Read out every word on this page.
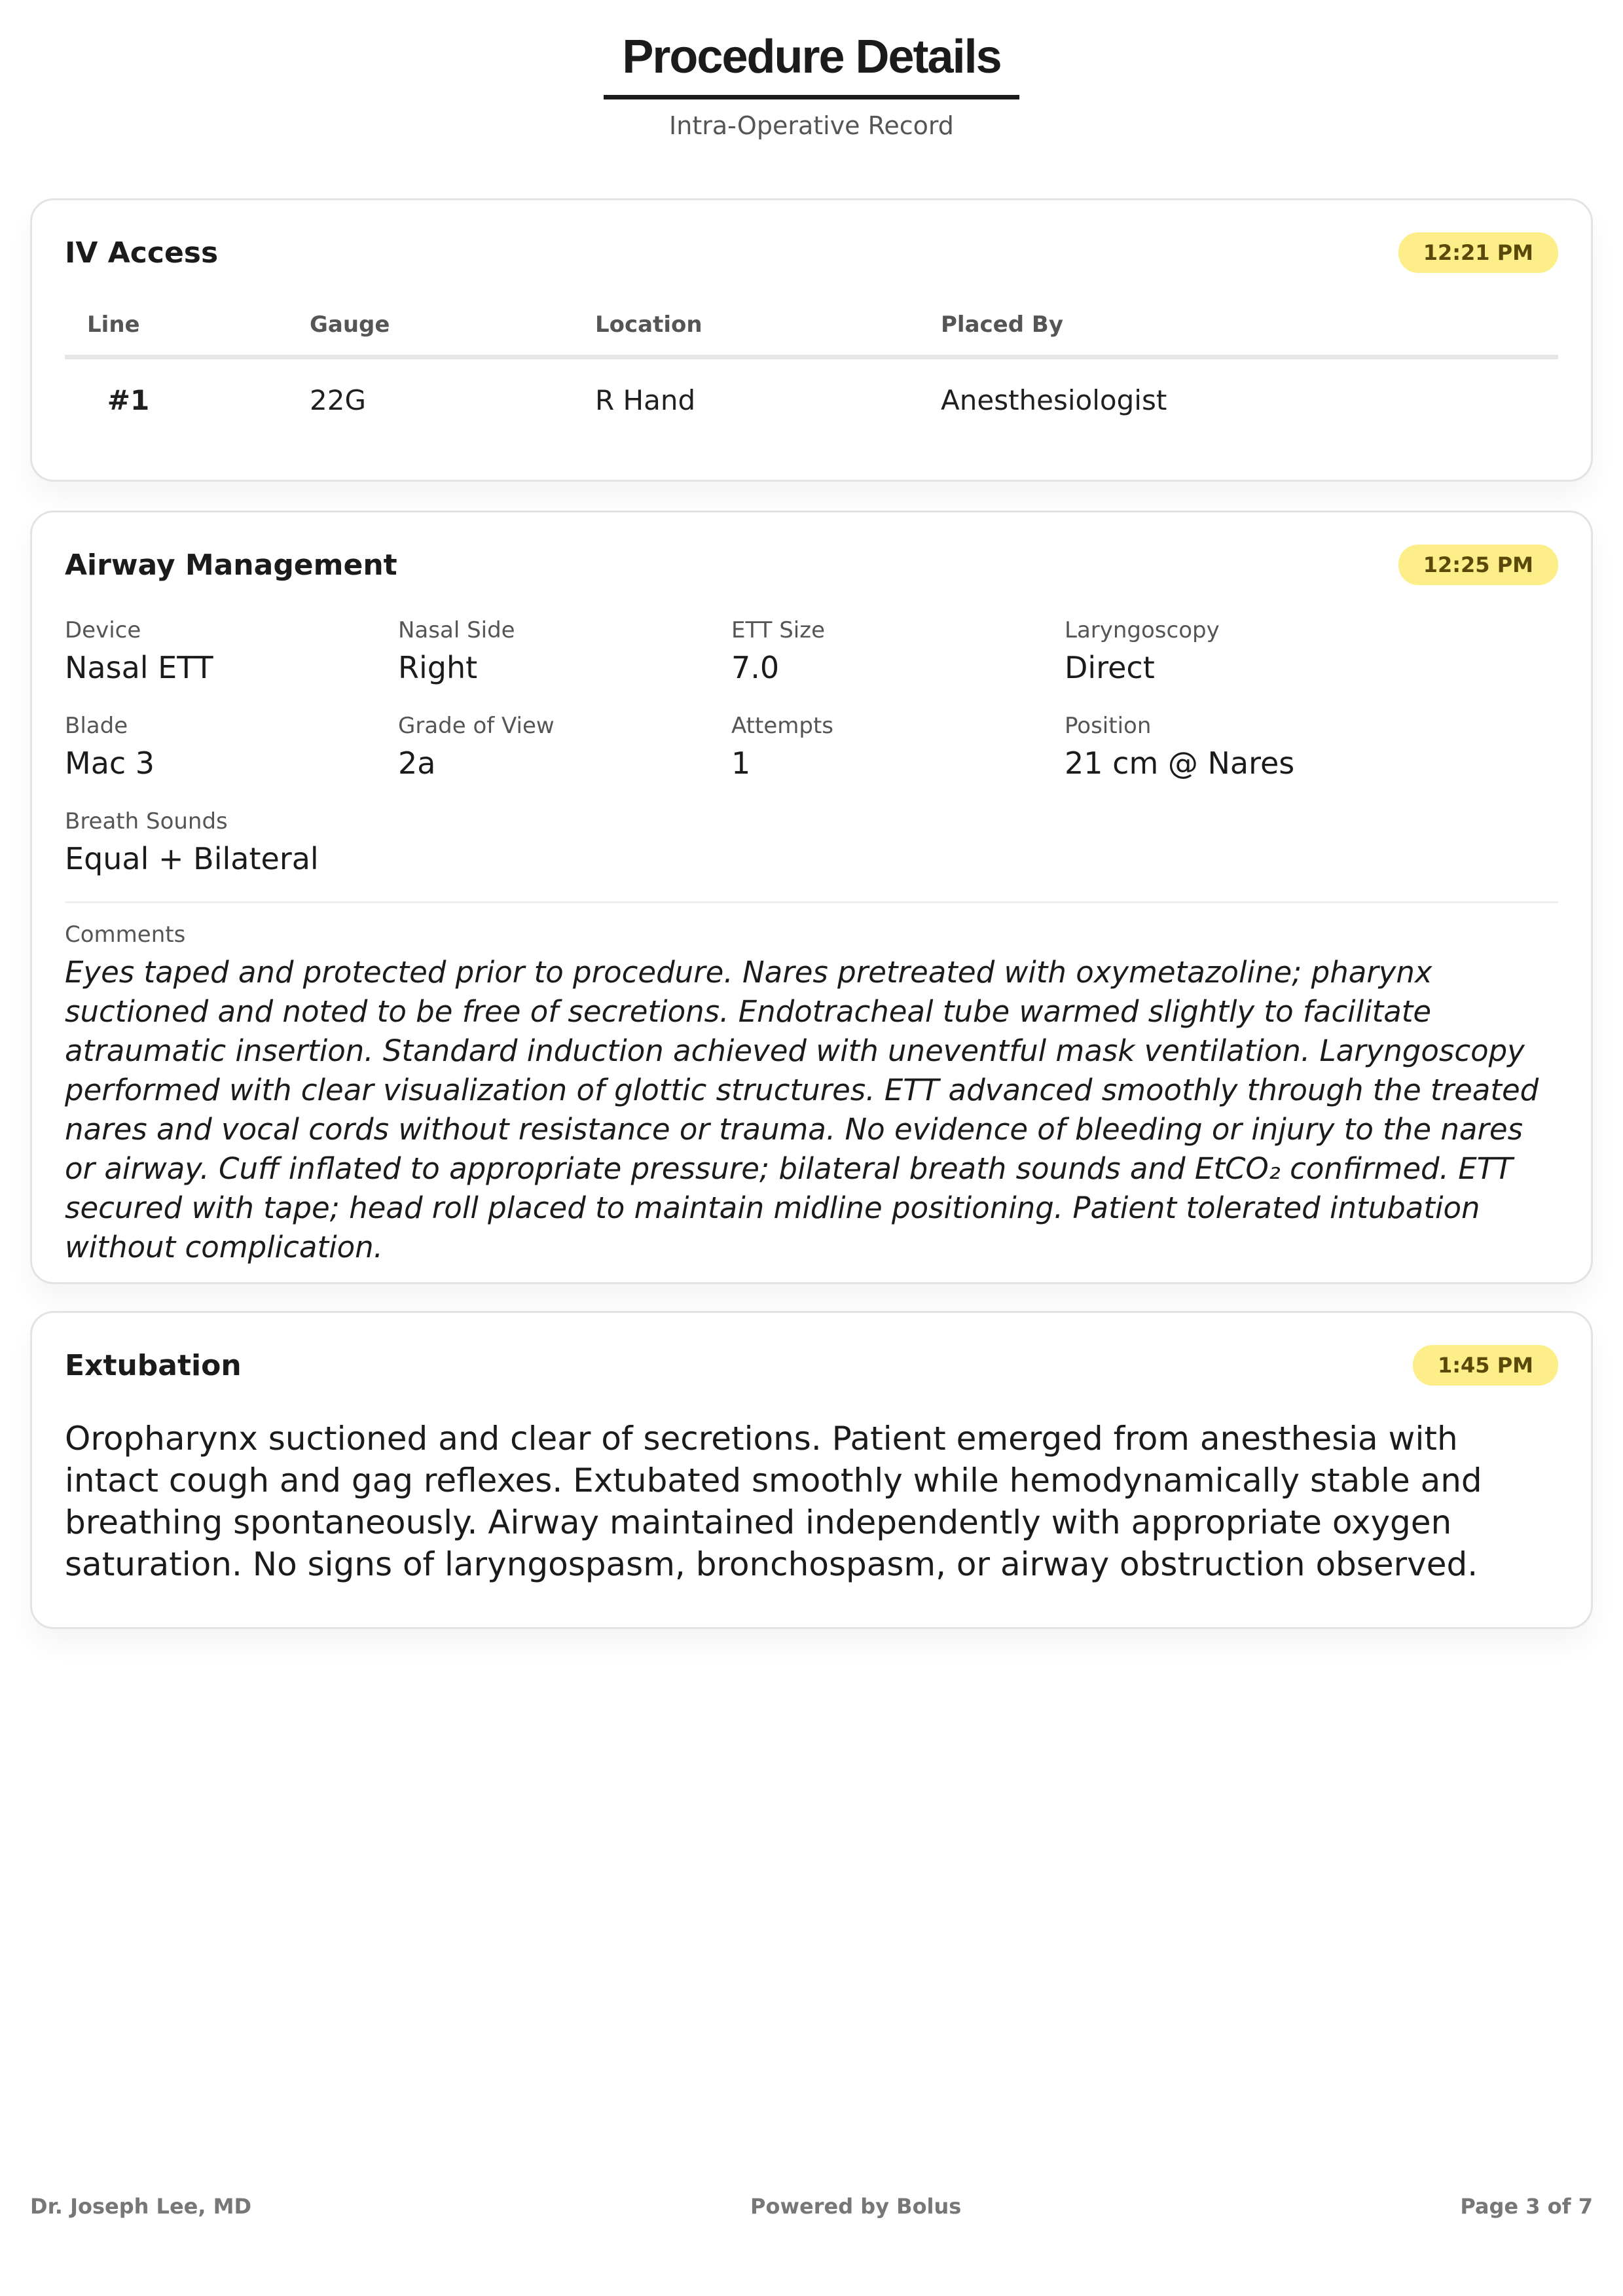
Procedure Details
Intra-Operative Record
IV Access	12:21 PM
Line	Gauge	Location	Placed By
#1	22G	R Hand	Anesthesiologist
Airway Management	12:25 PM
Device
Nasal ETT
Nasal Side
Right
ETT Size
7.0
Laryngoscopy
Direct
Blade
Mac 3
Grade of View
2a
Attempts
1
Position
21 cm @ Nares
Breath Sounds
Equal + Bilateral
Comments
Eyes taped and protected prior to procedure. Nares pretreated with oxymetazoline; pharynx suctioned and noted to be free of secretions. Endotracheal tube warmed slightly to facilitate atraumatic insertion. Standard induction achieved with uneventful mask ventilation. Laryngoscopy performed with clear visualization of glottic structures. ETT advanced smoothly through the treated nares and vocal cords without resistance or trauma. No evidence of bleeding or injury to the nares or airway. Cuff inflated to appropriate pressure; bilateral breath sounds and EtCO₂ confirmed. ETT secured with tape; head roll placed to maintain midline positioning. Patient tolerated intubation without complication.
Extubation	1:45 PM
Oropharynx suctioned and clear of secretions. Patient emerged from anesthesia with intact cough and gag reflexes. Extubated smoothly while hemodynamically stable and breathing spontaneously. Airway maintained independently with appropriate oxygen saturation. No signs of laryngospasm, bronchospasm, or airway obstruction observed.
Dr. Joseph Lee, MD	Powered by Bolus	Page 3 of 7
